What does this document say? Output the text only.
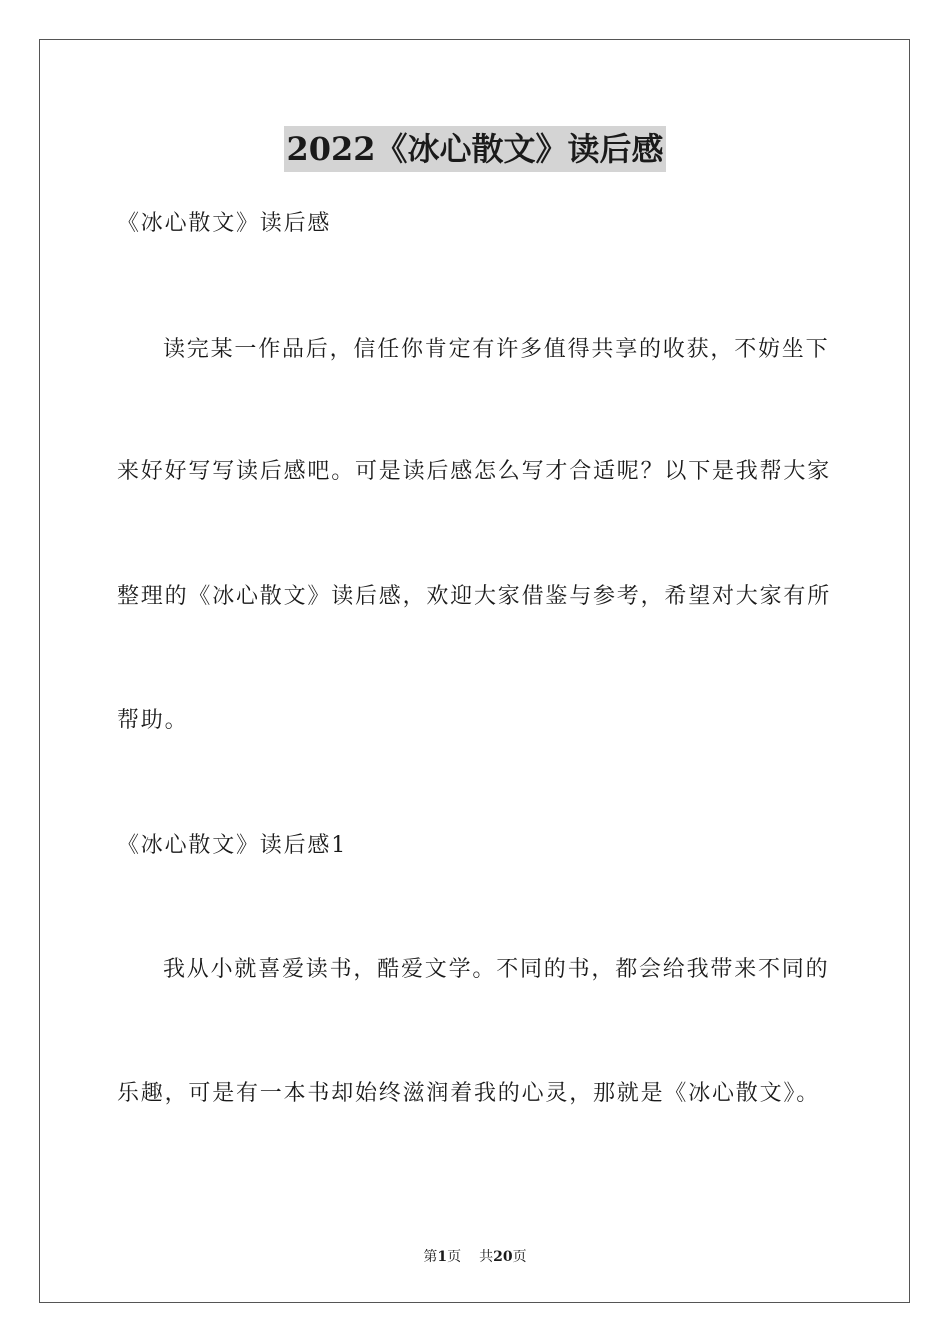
2022《冰心散文》读后感
《冰心散文》读后感
读完某一作品后，信任你肯定有许多值得共享的收获，不妨坐下
来好好写写读后感吧。可是读后感怎么写才合适呢？以下是我帮大家
整理的《冰心散文》读后感，欢迎大家借鉴与参考，希望对大家有所
帮助。
《冰心散文》读后感1
我从小就喜爱读书，酷爱文学。不同的书，都会给我带来不同的
乐趣，可是有一本书却始终滋润着我的心灵，那就是《冰心散文》。
第1页 共20页
